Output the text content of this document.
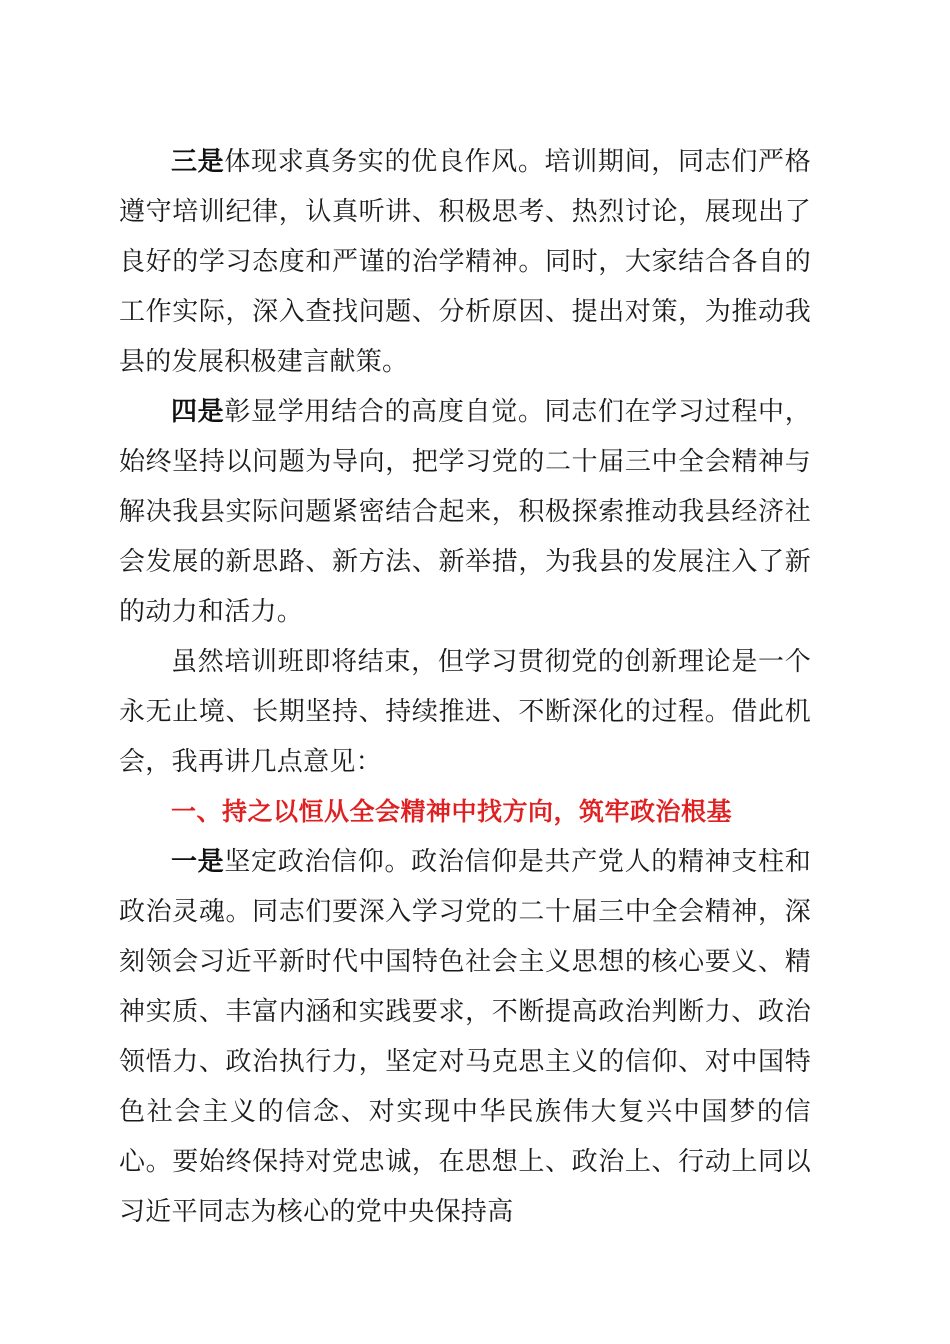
三是体现求真务实的优良作风。培训期间，同志们严格遵守培训纪律，认真听讲、积极思考、热烈讨论，展现出了良好的学习态度和严谨的治学精神。同时，大家结合各自的工作实际，深入查找问题、分析原因、提出对策，为推动我县的发展积极建言献策。

四是彰显学用结合的高度自觉。同志们在学习过程中，始终坚持以问题为导向，把学习党的二十届三中全会精神与解决我县实际问题紧密结合起来，积极探索推动我县经济社会发展的新思路、新方法、新举措，为我县的发展注入了新的动力和活力。

虽然培训班即将结束，但学习贯彻党的创新理论是一个永无止境、长期坚持、持续推进、不断深化的过程。借此机会，我再讲几点意见：

一、持之以恒从全会精神中找方向，筑牢政治根基

一是坚定政治信仰。政治信仰是共产党人的精神支柱和政治灵魂。同志们要深入学习党的二十届三中全会精神，深刻领会习近平新时代中国特色社会主义思想的核心要义、精神实质、丰富内涵和实践要求，不断提高政治判断力、政治领悟力、政治执行力，坚定对马克思主义的信仰、对中国特色社会主义的信念、对实现中华民族伟大复兴中国梦的信心。要始终保持对党忠诚，在思想上、政治上、行动上同以习近平同志为核心的党中央保持高
